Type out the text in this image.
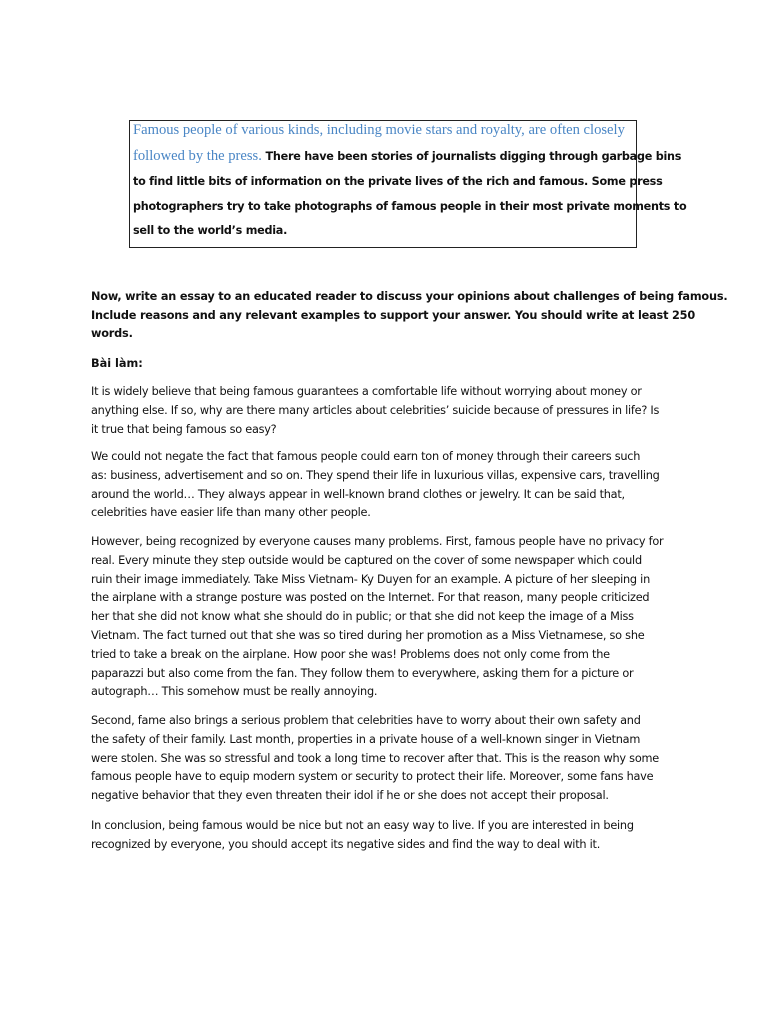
Famous people of various kinds, including movie stars and royalty, are often closely
followed by the press. There have been stories of journalists digging through garbage bins
to find little bits of information on the private lives of the rich and famous. Some press
photographers try to take photographs of famous people in their most private moments to
sell to the world’s media.
Now, write an essay to an educated reader to discuss your opinions about challenges of being famous.
Include reasons and any relevant examples to support your answer. You should write at least 250
words.
Bài làm:
It is widely believe that being famous guarantees a comfortable life without worrying about money or
anything else. If so, why are there many articles about celebrities’ suicide because of pressures in life? Is
it true that being famous so easy?
We could not negate the fact that famous people could earn ton of money through their careers such
as: business, advertisement and so on. They spend their life in luxurious villas, expensive cars, travelling
around the world… They always appear in well-known brand clothes or jewelry. It can be said that,
celebrities have easier life than many other people.
However, being recognized by everyone causes many problems. First, famous people have no privacy for
real. Every minute they step outside would be captured on the cover of some newspaper which could
ruin their image immediately. Take Miss Vietnam- Ky Duyen for an example. A picture of her sleeping in
the airplane with a strange posture was posted on the Internet. For that reason, many people criticized
her that she did not know what she should do in public; or that she did not keep the image of a Miss
Vietnam. The fact turned out that she was so tired during her promotion as a Miss Vietnamese, so she
tried to take a break on the airplane. How poor she was! Problems does not only come from the
paparazzi but also come from the fan. They follow them to everywhere, asking them for a picture or
autograph… This somehow must be really annoying.
Second, fame also brings a serious problem that celebrities have to worry about their own safety and
the safety of their family. Last month, properties in a private house of a well-known singer in Vietnam
were stolen. She was so stressful and took a long time to recover after that. This is the reason why some
famous people have to equip modern system or security to protect their life. Moreover, some fans have
negative behavior that they even threaten their idol if he or she does not accept their proposal.
In conclusion, being famous would be nice but not an easy way to live. If you are interested in being
recognized by everyone, you should accept its negative sides and find the way to deal with it.
